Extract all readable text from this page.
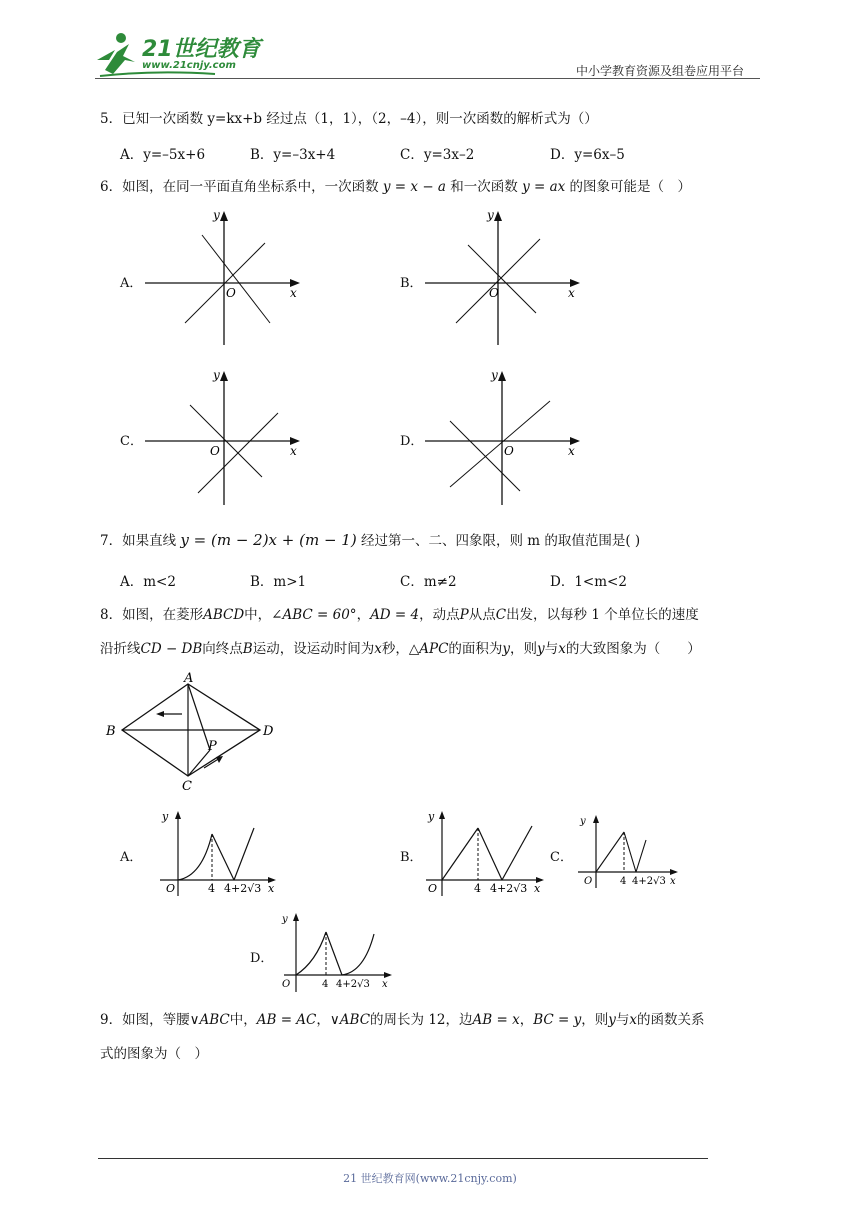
21世纪教育
www.21cnjy.com	中小学教育资源及组卷应用平台
5．已知一次函数 y=kx+b 经过点（1，1），（2，–4），则一次函数的解析式为（）
A．y=–5x+6	B．y=–3x+4	C．y=3x–2	D．y=6x–5
6．如图，在同一平面直角坐标系中，一次函数 y = x − a 和一次函数 y = ax 的图象可能是（　）
A．	B．
C．	D．
y
x
O
y
x
O
y
x
O
y
x
O
7．如果直线 y = (m − 2)x + (m − 1) 经过第一、二、四象限，则 m 的取值范围是( )
A．m<2	B．m>1	C．m≠2	D．1<m<2
8．如图，在菱形ABCD中，∠ABC = 60°，AD = 4，动点P从点C出发，以每秒 1 个单位长的速度
沿折线CD − DB向终点B运动，设运动时间为x秒，△APC的面积为y，则y与x的大致图象为（　　）
A
B
C
D
P
A．	B．	C．
D．
y
O	4 4+2√3 x
y
O	4 4+2√3 x
y
O	4 4+2√3 x
y
O	4 4+2√3 x
9．如图，等腰∨ABC中，AB = AC，∨ABC的周长为 12，边AB = x，BC = y，则y与x的函数关系
式的图象为（　）
21 世纪教育网(www.21cnjy.com)
